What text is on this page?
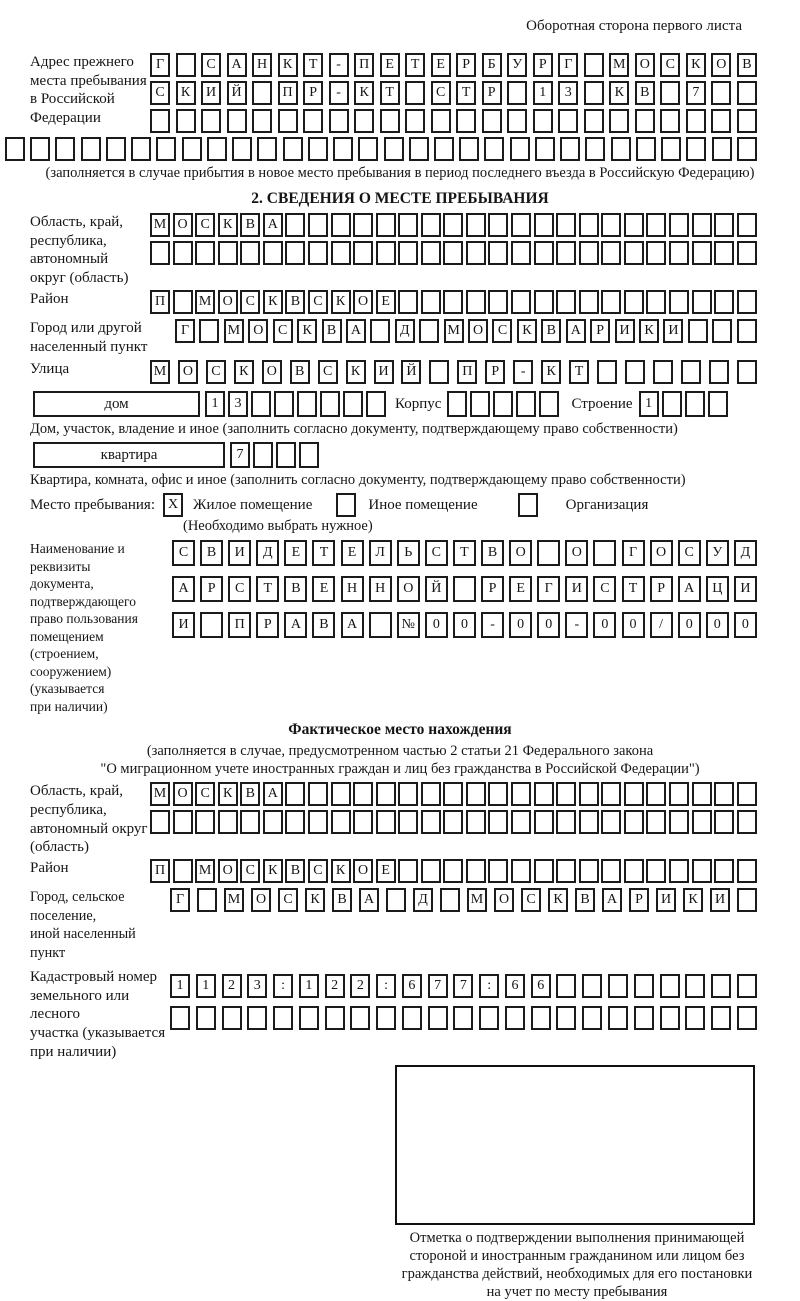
Оборотная сторона первого листа
Адрес прежнего
места пребывания
в Российской
Федерации
Г	С	А	Н	К	Т	-	П	Е	Т	Е	Р	Б	У	Р	Г	М	О	С	К	О	В
С	К	И	Й	П	Р	-	К	Т	С	Т	Р	1	3	К	В	7
(заполняется в случае прибытия в новое место пребывания в период последнего въезда в Российскую Федерацию)
2. СВЕДЕНИЯ О МЕСТЕ ПРЕБЫВАНИЯ
Область, край,
республика,
автономный
округ (область)
М О С К В А
Район	П	М О С К В С К О Е
Город или другой
населенный пункт
Г	М О	С	К	В	А	Д	М О	С	К	В	А	Р	И	К	И
Улица	М	О	С	К	О	В	С	К	И	Й	П	Р	-	К	Т
дом	1	3	Корпус	Строение 1
Дом, участок, владение и иное (заполнить согласно документу, подтверждающему право собственности)
квартира	7
Квартира, комната, офис и иное (заполнить согласно документу, подтверждающему право собственности)
Место пребывания: X Жилое помещение	Иное помещение	Организация
(Необходимо выбрать нужное)
Наименование и реквизиты
документа, подтверждающего
право пользования
помещением (строением,
сооружением) (указывается
при наличии)
С	В	И	Д	Е	Т	Е	Л	Ь	С	Т	В	О	О	Г	О	С	У	Д
А	Р	С	Т	В	Е	Н	Н	О	Й	Р	Е	Г	И	С	Т	Р	А	Ц	И
И	П	Р	А	В	А	№	0	0	-	0	0	-	0	0	/	0	0	0
Фактическое место нахождения
(заполняется в случае, предусмотренном частью 2 статьи 21 Федерального закона
"О миграционном учете иностранных граждан и лиц без гражданства в Российской Федерации")
Область, край,
республика,
автономный округ
(область)
М О С К В А
Район	П	М О С К В С К О Е
Город, сельское поселение,
иной населенный пункт
Г	М	О	С	К	В	А	Д	М	О	С	К	В	А	Р	И	К	И
Кадастровый номер
земельного или лесного
участка (указывается
при наличии)
1	1	2	3	:	1	2	2	:	6	7	7	:	6	6
Отметка о подтверждении выполнения принимающей
стороной и иностранным гражданином или лицом без
гражданства действий, необходимых для его постановки
на учет по месту пребывания
